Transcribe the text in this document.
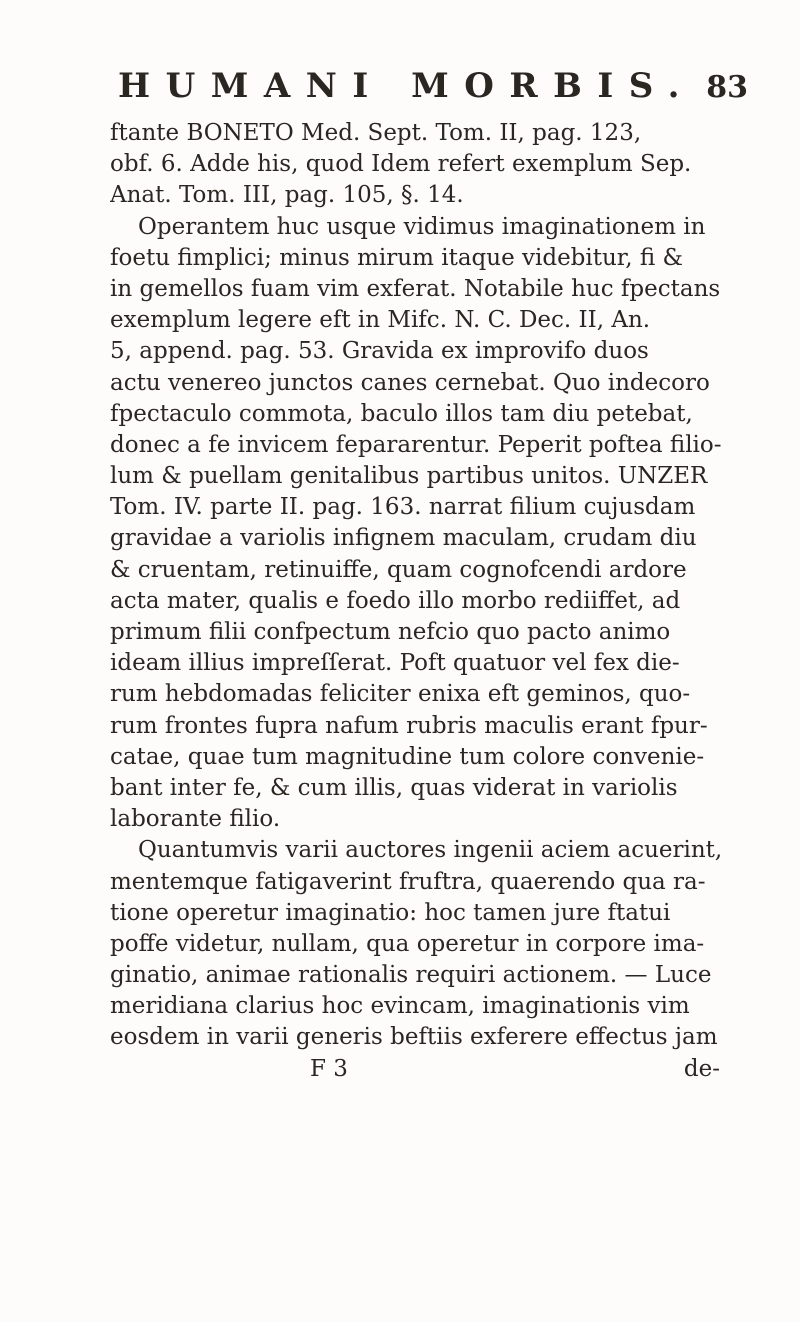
HUMANI MORBIS. 83
ftante BONETO Med. Sept. Tom. II, pag. 123,
obf. 6. Adde his, quod Idem refert exemplum Sep.
Anat. Tom. III, pag. 105, §. 14.
Operantem huc usque vidimus imaginationem in
foetu fimplici; minus mirum itaque videbitur, fi &
in gemellos fuam vim exferat. Notabile huc fpectans
exemplum legere eft in Mifc. N. C. Dec. II, An.
5, append. pag. 53. Gravida ex improvifo duos
actu venereo junctos canes cernebat. Quo indecoro
fpectaculo commota, baculo illos tam diu petebat,
donec a fe invicem fepararentur. Peperit poftea filio-
lum & puellam genitalibus partibus unitos. UNZER
Tom. IV. parte II. pag. 163. narrat filium cujusdam
gravidae a variolis infignem maculam, crudam diu
& cruentam, retinuiffe, quam cognofcendi ardore
acta mater, qualis e foedo illo morbo rediiffet, ad
primum filii confpectum nefcio quo pacto animo
ideam illius impreſſerat. Poft quatuor vel fex die-
rum hebdomadas feliciter enixa eft geminos, quo-
rum frontes fupra nafum rubris maculis erant fpur-
catae, quae tum magnitudine tum colore convenie-
bant inter fe, & cum illis, quas viderat in variolis
laborante filio.
Quantumvis varii auctores ingenii aciem acuerint,
mentemque fatigaverint fruftra, quaerendo qua ra-
tione operetur imaginatio: hoc tamen jure ftatui
poffe videtur, nullam, qua operetur in corpore ima-
ginatio, animae rationalis requiri actionem. — Luce
meridiana clarius hoc evincam, imaginationis vim
eosdem in varii generis beftiis exferere effectus jam
F 3	de-
